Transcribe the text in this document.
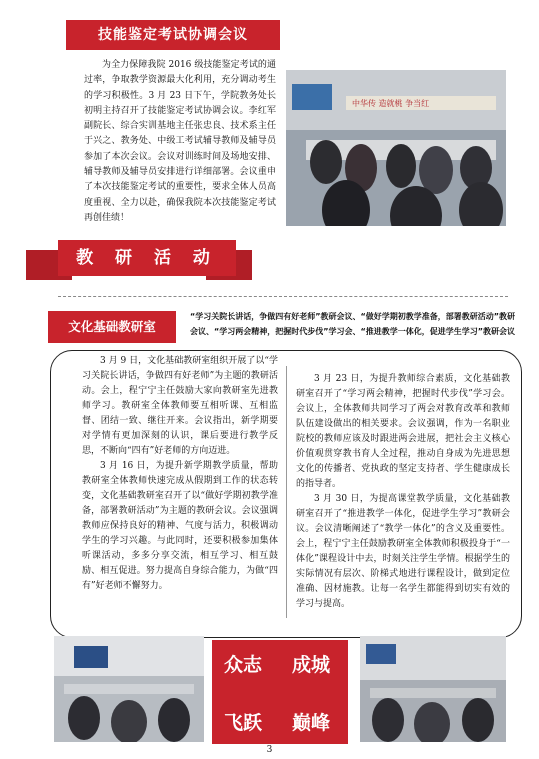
技能鉴定考试协调会议
为全力保障我院 2016 级技能鉴定考试的通过率，争取教学资源最大化利用，充分调动考生的学习积极性。3 月 23 日下午，学院教务处长初明主持召开了技能鉴定考试协调会议。李红军副院长、综合实训基地主任张忠良、技术系主任于兴之、教务处、中级工考试辅导教师及辅导员参加了本次会议。会议对训练时间及场地安排、辅导教师及辅导员安排进行详细部署。会议重申了本次技能鉴定考试的重要性，要求全体人员高度重视、全力以赴，确保我院本次技能鉴定考试再创佳绩！
中华传 造就桃 争当红
教 研 活 动
文化基础教研室
“学习关院长讲话，争做四有好老师”教研会议、“做好学期初教学准备，部署教研活动”教研会议、“学习两会精神，把握时代步伐”学习会、“推进教学一体化，促进学生学习”教研会议

3 月 9 日，文化基础教研室组织开展了以“学习关院长讲话，争做四有好老师”为主题的教研活动。会上，程宁宁主任鼓励大家向教研室先进教师学习。教研室全体教师要互相听课、互相监督、团结一致、继往开来。会议指出，新学期要对学情有更加深刻的认识，课后要进行教学反思，不断向“四有”好老师的方向迈进。

3 月 16 日，为提升新学期教学质量，帮助教研室全体教师快速完成从假期到工作的状态转变，文化基础教研室召开了以“做好学期初教学准备，部署教研活动”为主题的教研会议。会议强调教师应保持良好的精神、气度与活力，积极调动学生的学习兴趣。与此同时，还要积极参加集体听课活动，多多分享交流，相互学习、相互鼓励、相互促进。努力提高自身综合能力，为做“四有”好老师不懈努力。

3 月 23 日，为提升教师综合素质，文化基础教研室召开了“学习两会精神，把握时代步伐”学习会。会议上，全体教师共同学习了两会对教育改革和教师队伍建设做出的相关要求。会议强调，作为一名职业院校的教师应该及时跟进两会进展，把社会主义核心价值观贯穿教书育人全过程，推动自身成为先进思想文化的传播者、党执政的坚定支持者、学生健康成长的指导者。

3 月 30 日，为提高课堂教学质量，文化基础教研室召开了“推进教学一体化，促进学生学习”教研会议。会议清晰阐述了“教学一体化”的含义及重要性。会上，程宁宁主任鼓励教研室全体教师积极投身于“一体化”课程设计中去，时刻关注学生学情。根据学生的实际情况有层次、阶梯式地进行课程设计，做到定位准确、因材施教。让每一名学生都能得到切实有效的学习与提高。

众志 成城
飞跃 巅峰
3
